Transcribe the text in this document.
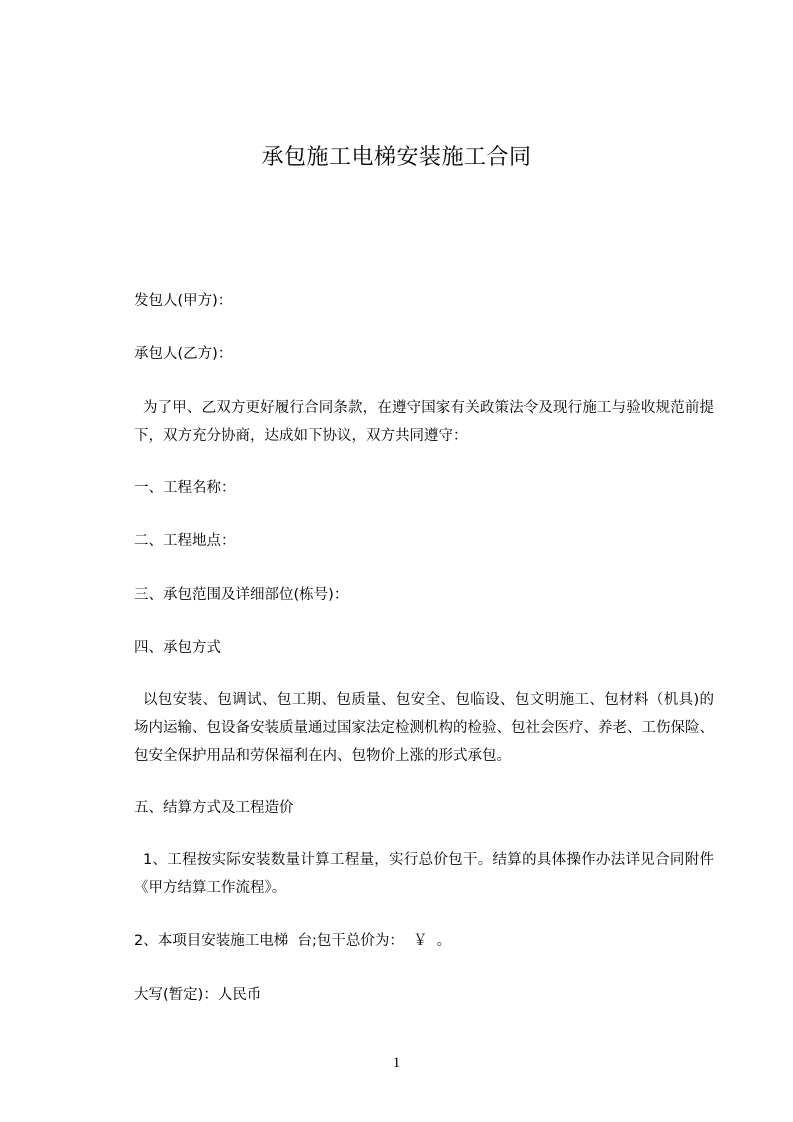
承包施工电梯安装施工合同
发包人(甲方)：
承包人(乙方)：
为了甲、乙双方更好履行合同条款，在遵守国家有关政策法令及现行施工与验收规范前提下，双方充分协商，达成如下协议，双方共同遵守：
一、工程名称：
二、工程地点：
三、承包范围及详细部位(栋号)：
四、承包方式
以包安装、包调试、包工期、包质量、包安全、包临设、包文明施工、包材料（机具)的场内运输、包设备安装质量通过国家法定检测机构的检验、包社会医疗、养老、工伤保险、包安全保护用品和劳保福利在内、包物价上涨的形式承包。
五、结算方式及工程造价
1、工程按实际安装数量计算工程量，实行总价包干。结算的具体操作办法详见合同附件《甲方结算工作流程》。
2、本项目安装施工电梯  台;包干总价为：  ￥  。
大写(暂定)：人民币
1
